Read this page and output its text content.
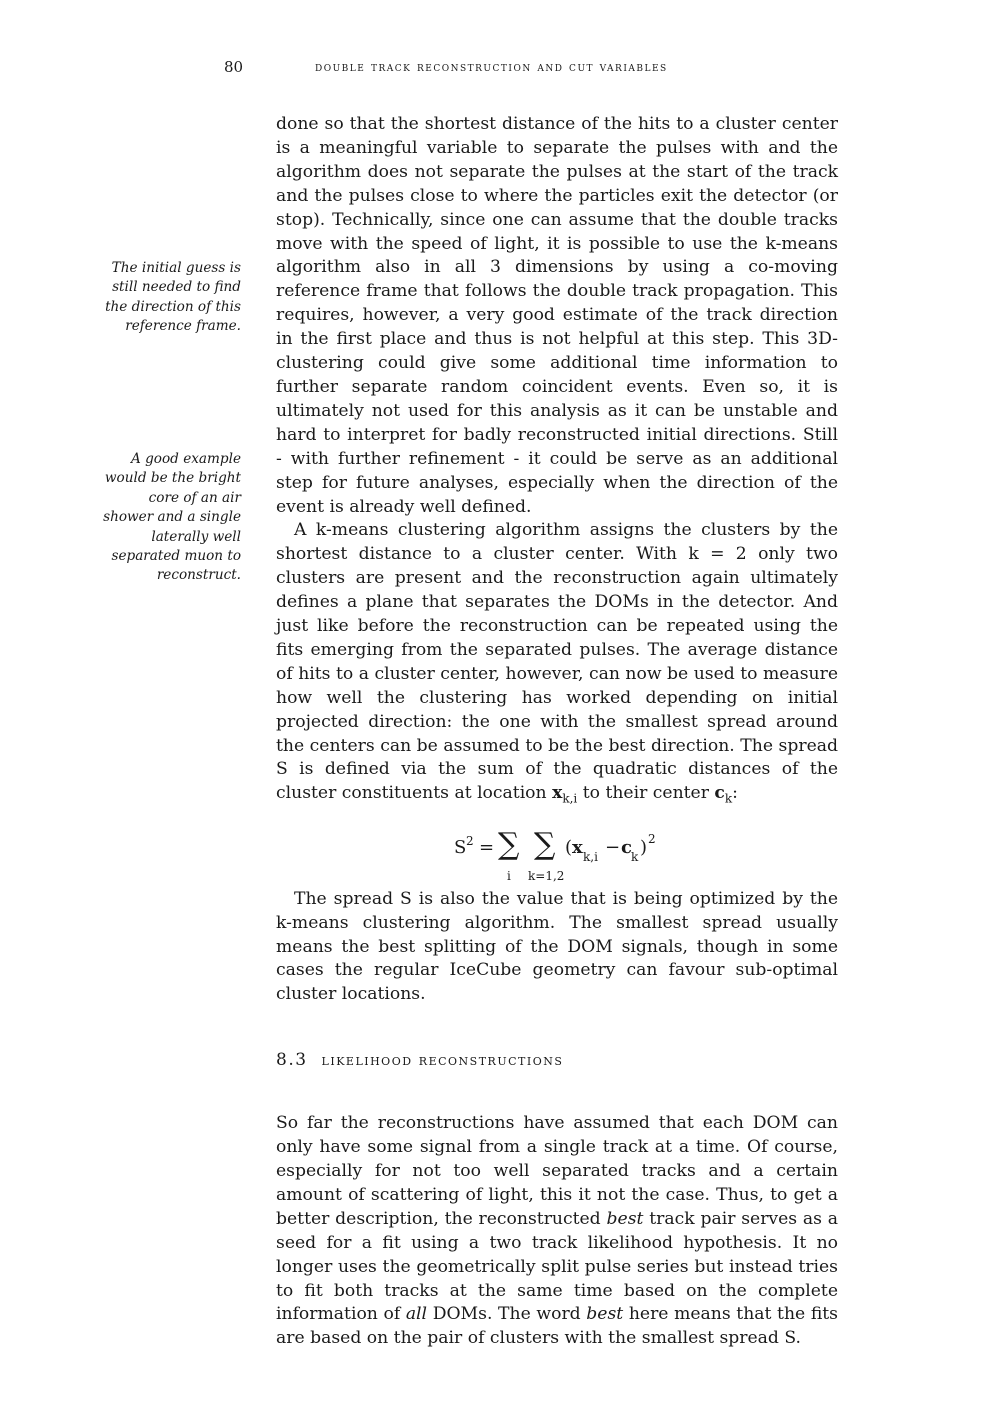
80	double track reconstruction and cut variables
The initial guess is still needed to find the direction of this reference frame.
A good example would be the bright core of an air shower and a single laterally well separated muon to reconstruct.

done so that the shortest distance of the hits to a cluster center is a meaningful variable to separate the pulses with and the algorithm does not separate the pulses at the start of the track and the pulses close to where the particles exit the detector (or stop). Technically, since one can assume that the double tracks move with the speed of light, it is possible to use the k-means algorithm also in all 3 dimensions by using a co-moving reference frame that follows the double track propagation. This requires, however, a very good estimate of the track direction in the first place and thus is not helpful at this step. This 3D-clustering could give some additional time information to further separate random coincident events. Even so, it is ultimately not used for this analysis as it can be unstable and hard to interpret for badly reconstructed initial directions. Still - with further refinement - it could be serve as an additional step for future analyses, especially when the direction of the event is already well defined.

A k-means clustering algorithm assigns the clusters by the shortest distance to a cluster center. With k = 2 only two clusters are present and the reconstruction again ultimately defines a plane that separates the DOMs in the detector. And just like before the reconstruction can be repeated using the fits emerging from the separated pulses. The average distance of hits to a cluster center, however, can now be used to measure how well the clustering has worked depending on initial projected direction: the one with the smallest spread around the centers can be assumed to be the best direction. The spread S is defined via the sum of the quadratic distances of the cluster constituents at location $x_{k,i}$ to their center $c_k$:

S 2 = ∑
i
∑
k=1,2
( x k,i − c k ) 2

The spread S is also the value that is being optimized by the k-means clustering algorithm. The smallest spread usually means the best splitting of the DOM signals, though in some cases the regular IceCube geometry can favour sub-optimal cluster locations.

8.3 likelihood reconstructions

So far the reconstructions have assumed that each DOM can only have some signal from a single track at a time. Of course, especially for not too well separated tracks and a certain amount of scattering of light, this it not the case. Thus, to get a better description, the reconstructed best track pair serves as a seed for a fit using a two track likelihood hypothesis. It no longer uses the geometrically split pulse series but instead tries to fit both tracks at the same time based on the complete information of all DOMs. The word best here means that the fits are based on the pair of clusters with the smallest spread S.
